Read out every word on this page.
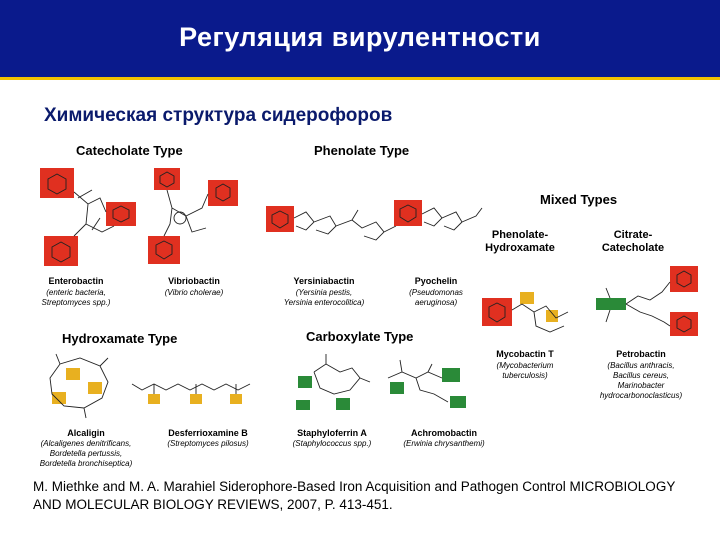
Регуляция вирулентности
Химическая структура сидерофоров
Catecholate Type	Phenolate Type
Mixed Types
Phenolate-
Hydroxamate
Citrate-
Catecholate
Hydroxamate Type	Carboxylate Type
Enterobactin
(enteric bacteria,
Streptomyces spp.)
Vibriobactin
(Vibrio cholerae)
Yersiniabactin
(Yersinia pestis,
Yersinia enterocolitica)
Pyochelin
(Pseudomonas
aeruginosa)
Mycobactin T
(Mycobacterium
tuberculosis)
Petrobactin
(Bacillus anthracis,
Bacillus cereus,
Marinobacter
hydrocarbonoclasticus)
Alcaligin
(Alcaligenes denitrificans,
Bordetella pertussis,
Bordetella bronchiseptica)
Desferrioxamine B
(Streptomyces pilosus)
Staphyloferrin A
(Staphylococcus spp.)
Achromobactin
(Erwinia chrysanthemi)
M. Miethke and M. A. Marahiel Siderophore-Based Iron Acquisition and Pathogen Control MICROBIOLOGY
AND MOLECULAR BIOLOGY REVIEWS, 2007, P. 413-451.
